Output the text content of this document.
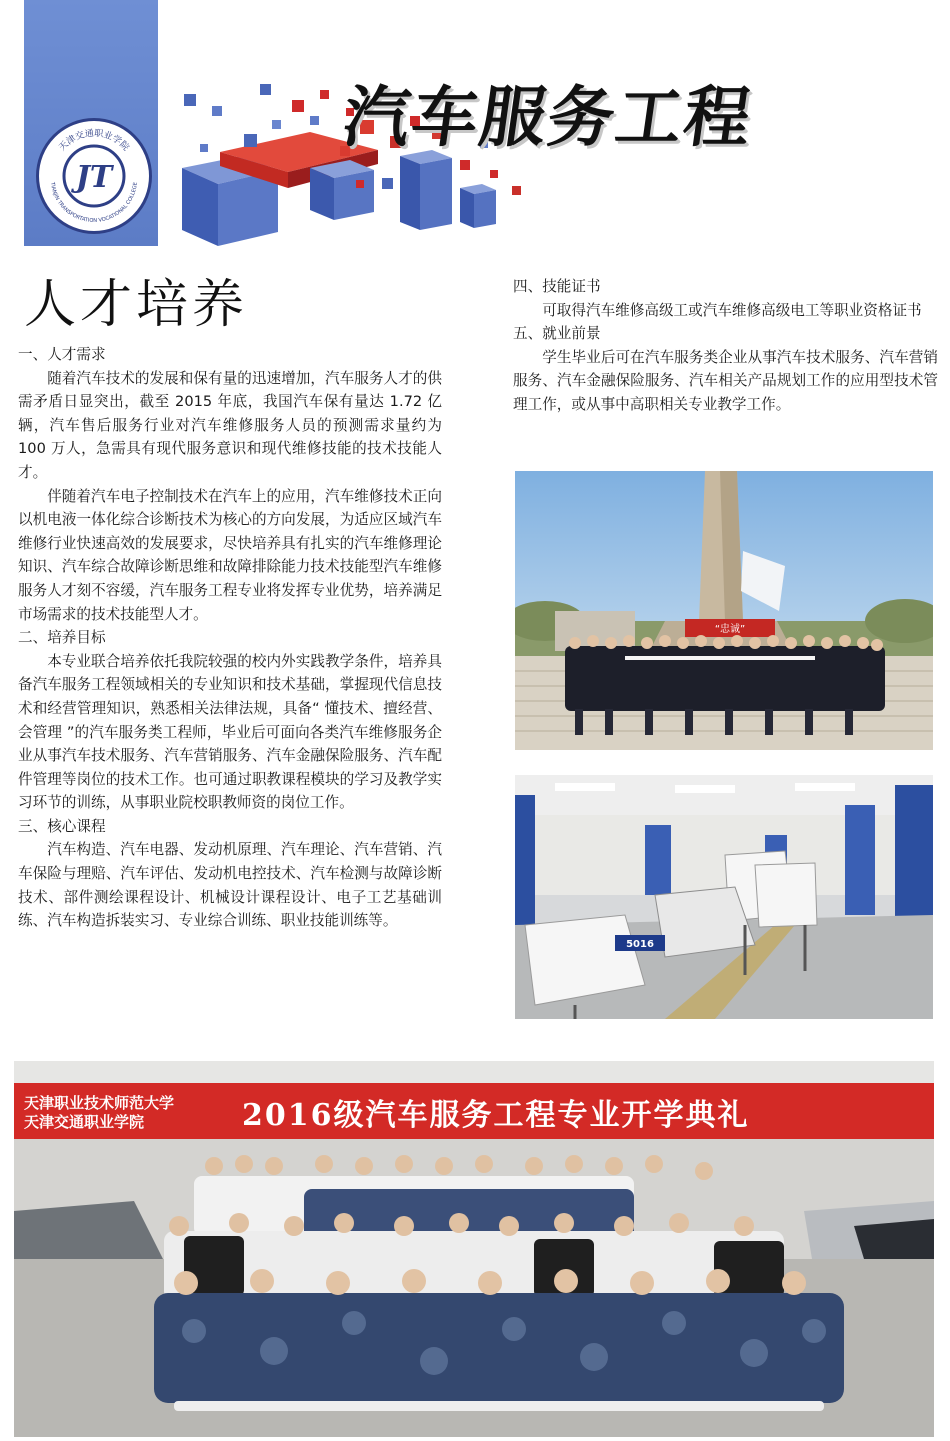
天津交通职业学院
TIANJIN TRANSPORTATION VOCATIONAL COLLEGE
JT
汽车服务工程
人才培养
一、人才需求

随着汽车技术的发展和保有量的迅速增加，汽车服务人才的供需矛盾日显突出，截至 2015 年底，我国汽车保有量达 1.72 亿辆，汽车售后服务行业对汽车维修服务人员的预测需求量约为 100 万人，急需具有现代服务意识和现代维修技能的技术技能人才。

伴随着汽车电子控制技术在汽车上的应用，汽车维修技术正向以机电液一体化综合诊断技术为核心的方向发展，为适应区域汽车维修行业快速高效的发展要求，尽快培养具有扎实的汽车维修理论知识、汽车综合故障诊断思维和故障排除能力技术技能型汽车维修服务人才刻不容缓，汽车服务工程专业将发挥专业优势，培养满足市场需求的技术技能型人才。

二、培养目标

本专业联合培养依托我院较强的校内外实践教学条件，培养具备汽车服务工程领域相关的专业知识和技术基础，掌握现代信息技术和经营管理知识，熟悉相关法律法规，具备“ 懂技术、擅经营、会管理 ”的汽车服务类工程师，毕业后可面向各类汽车维修服务企业从事汽车技术服务、汽车营销服务、汽车金融保险服务、汽车配件管理等岗位的技术工作。也可通过职教课程模块的学习及教学实习环节的训练，从事职业院校职教师资的岗位工作。

三、核心课程

汽车构造、汽车电器、发动机原理、汽车理论、汽车营销、汽车保险与理赔、汽车评估、发动机电控技术、汽车检测与故障诊断技术、部件测绘课程设计、机械设计课程设计、电子工艺基础训练、汽车构造拆装实习、专业综合训练、职业技能训练等。

四、技能证书

可取得汽车维修高级工或汽车维修高级电工等职业资格证书

五、就业前景

学生毕业后可在汽车服务类企业从事汽车技术服务、汽车营销服务、汽车金融保险服务、汽车相关产品规划工作的应用型技术管理工作，或从事中高职相关专业教学工作。

“忠诚”
5016
天津职业技术师范大学
天津交通职业学院	2016级汽车服务工程专业开学典礼
